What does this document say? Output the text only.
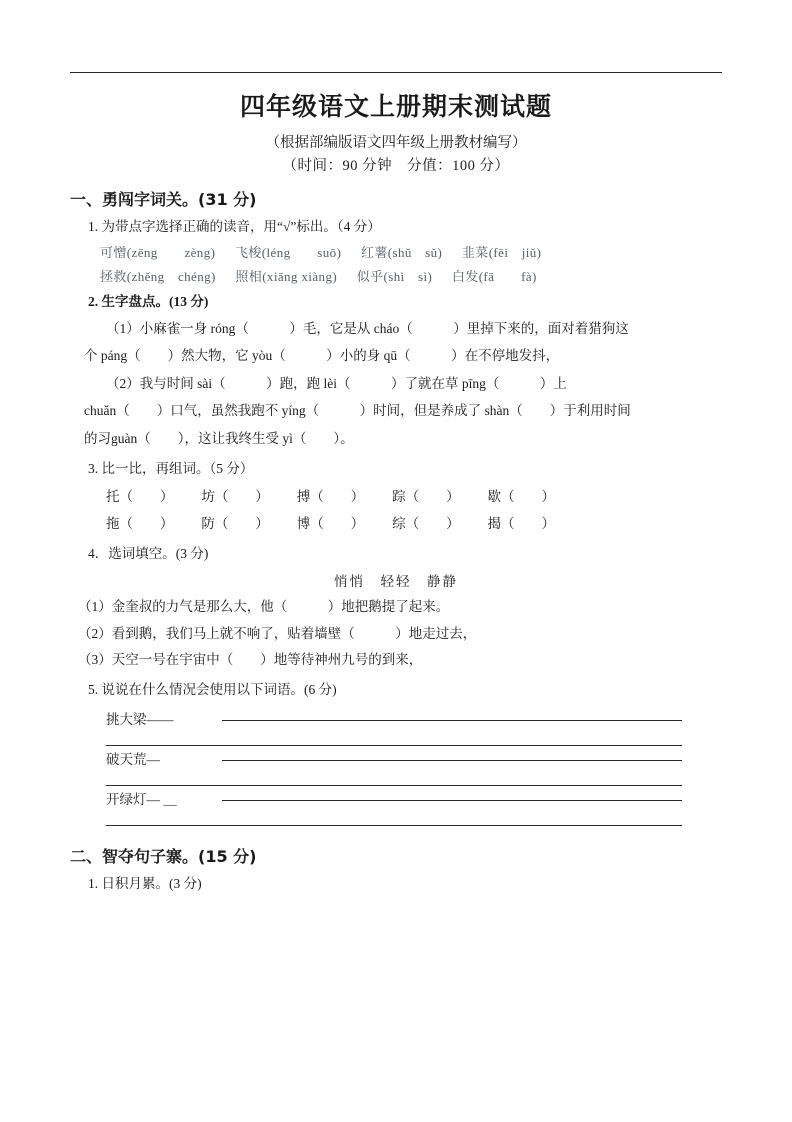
四年级语文上册期末测试题
（根据部编版语文四年级上册教材编写）
（时间：90 分钟　分值：100 分）
一、勇闯字词关。(31 分)
1. 为带点字选择正确的读音，用“√”标出。（4 分）
可憎(zēng　　zèng) 飞梭(léng　　suō) 红薯(shǔ　sǔ) 韭菜(fēi　jiǔ)
拯救(zhěng　chéng) 照相(xiāng xiàng) 似乎(shì　sì) 白发(fā　　fà)
2. 生字盘点。(13 分)
（1）小麻雀一身 róng（　　　）毛，它是从 cháo（　　　）里掉下来的，面对着猎狗这
个 páng（　　）然大物，它 yòu（　　　）小的身 qū（　　　）在不停地发抖，
（2）我与时间 sài（　　　）跑，跑 lèi（　　　）了就在草 pīng（　　　）上
chuǎn（　　）口气，虽然我跑不 yíng（　　　）时间，但是养成了 shàn（　　）于利用时间
的习guàn（　　），这让我终生受 yì（　　）。
3. 比一比，再组词。（5 分）
托（　　） 坊（　　） 搏（　　） 踪（　　） 歇（　　）
拖（　　） 防（　　） 博（　　） 综（　　） 揭（　　）
4．选词填空。(3 分)
悄悄　轻轻　静静
（1）金奎叔的力气是那么大，他（　　　）地把鹅提了起来。
（2）看到鹅，我们马上就不响了，贴着墙壁（　　　）地走过去，
（3）天空一号在宇宙中（　　）地等待神州九号的到来，
5. 说说在什么情况会使用以下词语。(6 分)
挑大梁——
破天荒—
开绿灯— ＿
二、智夺句子寨。(15 分)
1. 日积月累。(3 分)
·
